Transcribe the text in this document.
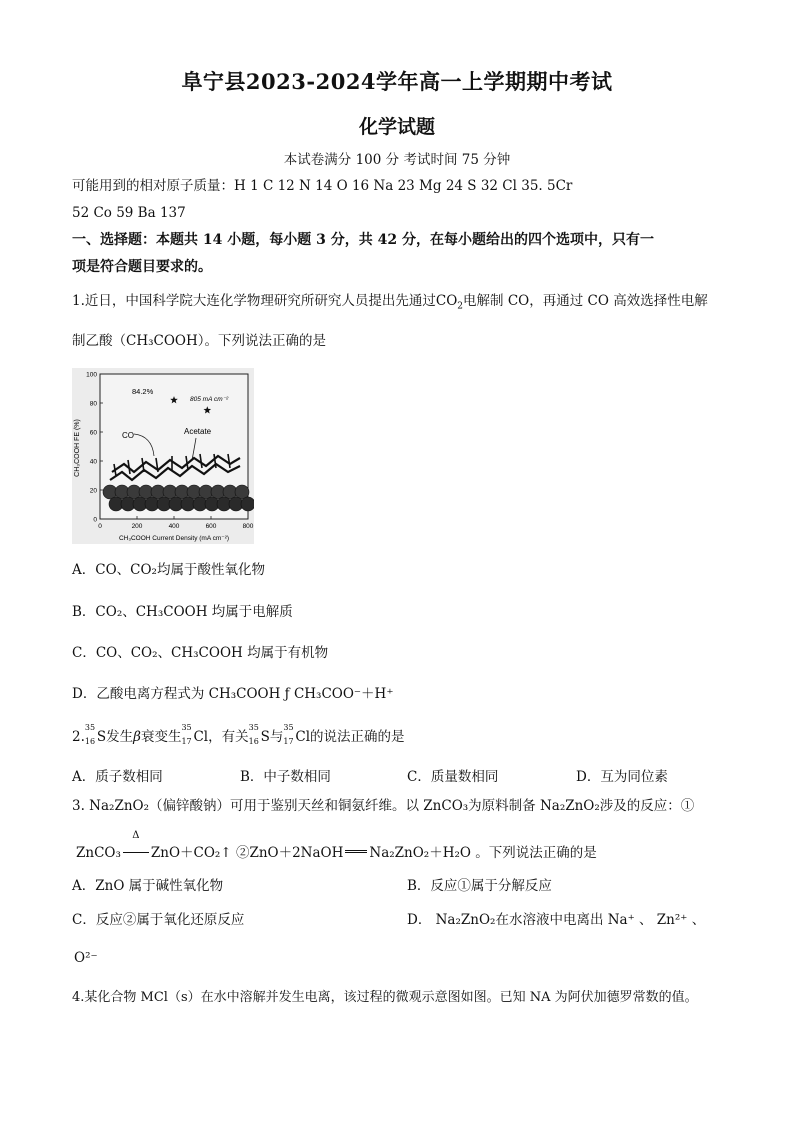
阜宁县2023-2024学年高一上学期期中考试
化学试题
本试卷满分 100 分 考试时间 75 分钟
可能用到的相对原子质量：H 1 C 12 N 14 O 16 Na 23 Mg 24 S 32 Cl 35. 5Cr
52 Co 59 Ba 137
一、选择题：本题共 14 小题，每小题 3 分，共 42 分，在每小题给出的四个选项中，只有一
项是符合题目要求的。
1.近日，中国科学院大连化学物理研究所研究人员提出先通过$CO_2$电解制 CO，再通过 CO 高效选择性电解
制乙酸（CH₃COOH）。下列说法正确的是
0
20
40
60
80
100
0	200	400	600	800
CH₃COOH FE (%)
CH₃COOH Current Density (mA cm⁻²)
84.2%
805 mA cm⁻²
CO	Acetate
A．CO、CO₂均属于酸性氧化物
B．CO₂、CH₃COOH 均属于电解质
C．CO、CO₂、CH₃COOH 均属于有机物
D．乙酸电离方程式为 CH₃COOH ƒ CH₃COO⁻＋H⁺
2.
35
16 S发生β衰变生
35
17 Cl，有关
35
16 S与
35
17 Cl的说法正确的是
A．质子数相同	B．中子数相同	C．质量数相同	D．互为同位素
3. Na₂ZnO₂（偏锌酸钠）可用于鉴别天丝和铜氨纤维。以 ZnCO₃为原料制备 Na₂ZnO₂涉及的反应：①
ZnCO₃
Δ
ZnO＋CO₂↑ ②ZnO＋2NaOH Na₂ZnO₂＋H₂O 。下列说法正确的是
A．ZnO 属于碱性氧化物	B．反应①属于分解反应
C．反应②属于氧化还原反应	D． Na₂ZnO₂在水溶液中电离出 Na⁺ 、 Zn²⁺ 、
O²⁻
4.某化合物 MCl（s）在水中溶解并发生电离，该过程的微观示意图如图。已知 NA 为阿伏加德罗常数的值。
